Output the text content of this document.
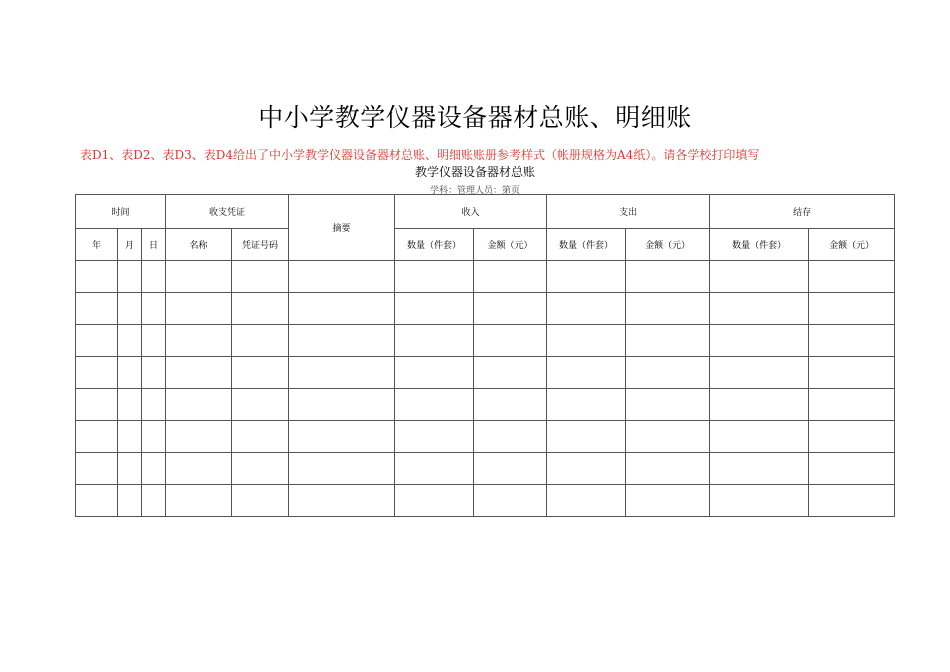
中小学教学仪器设备器材总账、明细账
表D1、表D2、表D3、表D4给出了中小学教学仪器设备器材总账、明细账账册参考样式（帐册规格为A4纸）。请各学校打印填写
教学仪器设备器材总账
学科：管理人员：第页
时间			收支凭证		摘要	收入		支出		结存	
年	月	日	名称	凭证号码		数量（件套）	金额（元）	数量（件套）	金额（元）	数量（件套）	金额（元）
